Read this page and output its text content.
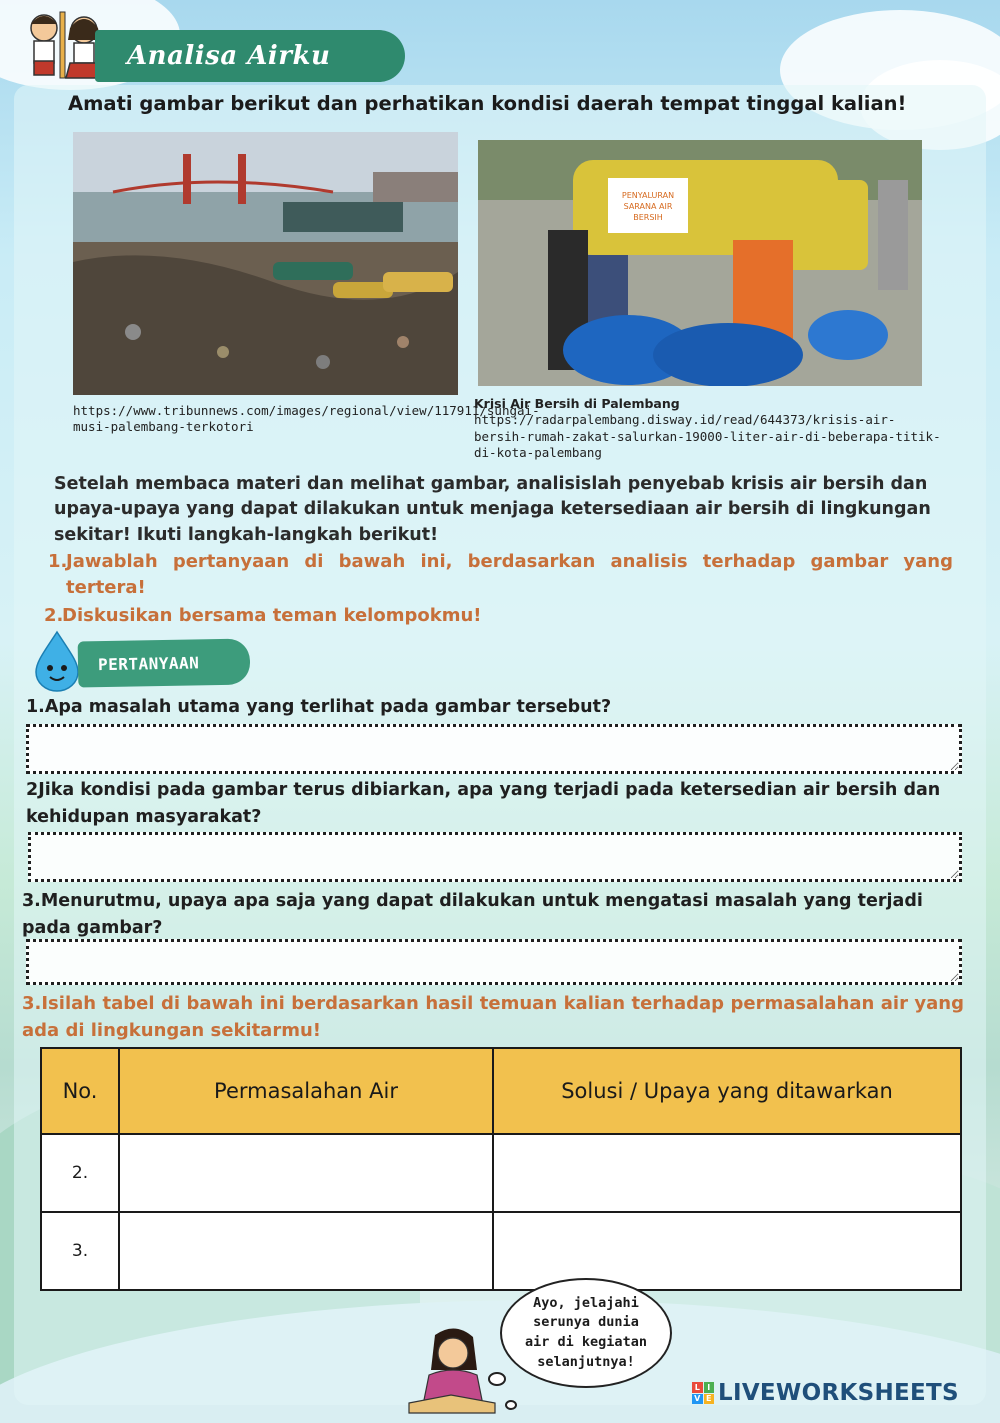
Analisa Airku
Amati gambar berikut dan perhatikan kondisi daerah tempat tinggal kalian!
PENYALURAN SARANA AIR BERSIH
https://www.tribunnews.com/images/regional/view/117911/sungai-musi-palembang-terkotori
Krisi Air Bersih di Palembang
https://radarpalembang.disway.id/read/644373/krisis-air-bersih-rumah-zakat-salurkan-19000-liter-air-di-beberapa-titik-di-kota-palembang
Setelah membaca materi dan melihat gambar, analisislah penyebab krisis air bersih dan upaya-upaya yang dapat dilakukan untuk menjaga ketersediaan air bersih di lingkungan sekitar! Ikuti langkah-langkah berikut!
1.
Jawablah pertanyaan di bawah ini, berdasarkan analisis terhadap gambar yang tertera!
2.
Diskusikan bersama teman kelompokmu!
PERTANYAAN
1.Apa masalah utama yang terlihat pada gambar tersebut?
2Jika kondisi pada gambar terus dibiarkan, apa yang terjadi pada ketersedian air bersih dan kehidupan masyarakat?
3.Menurutmu, upaya apa saja yang dapat dilakukan untuk mengatasi masalah yang terjadi pada gambar?
3.Isilah tabel di bawah ini berdasarkan hasil temuan kalian terhadap permasalahan air yang ada di lingkungan sekitarmu!
No.	Permasalahan Air	Solusi / Upaya yang ditawarkan
2.		
3.		
Ayo, jelajahi serunya dunia air di kegiatan selanjutnya!
L I
V E LIVEWORKSHEETS
